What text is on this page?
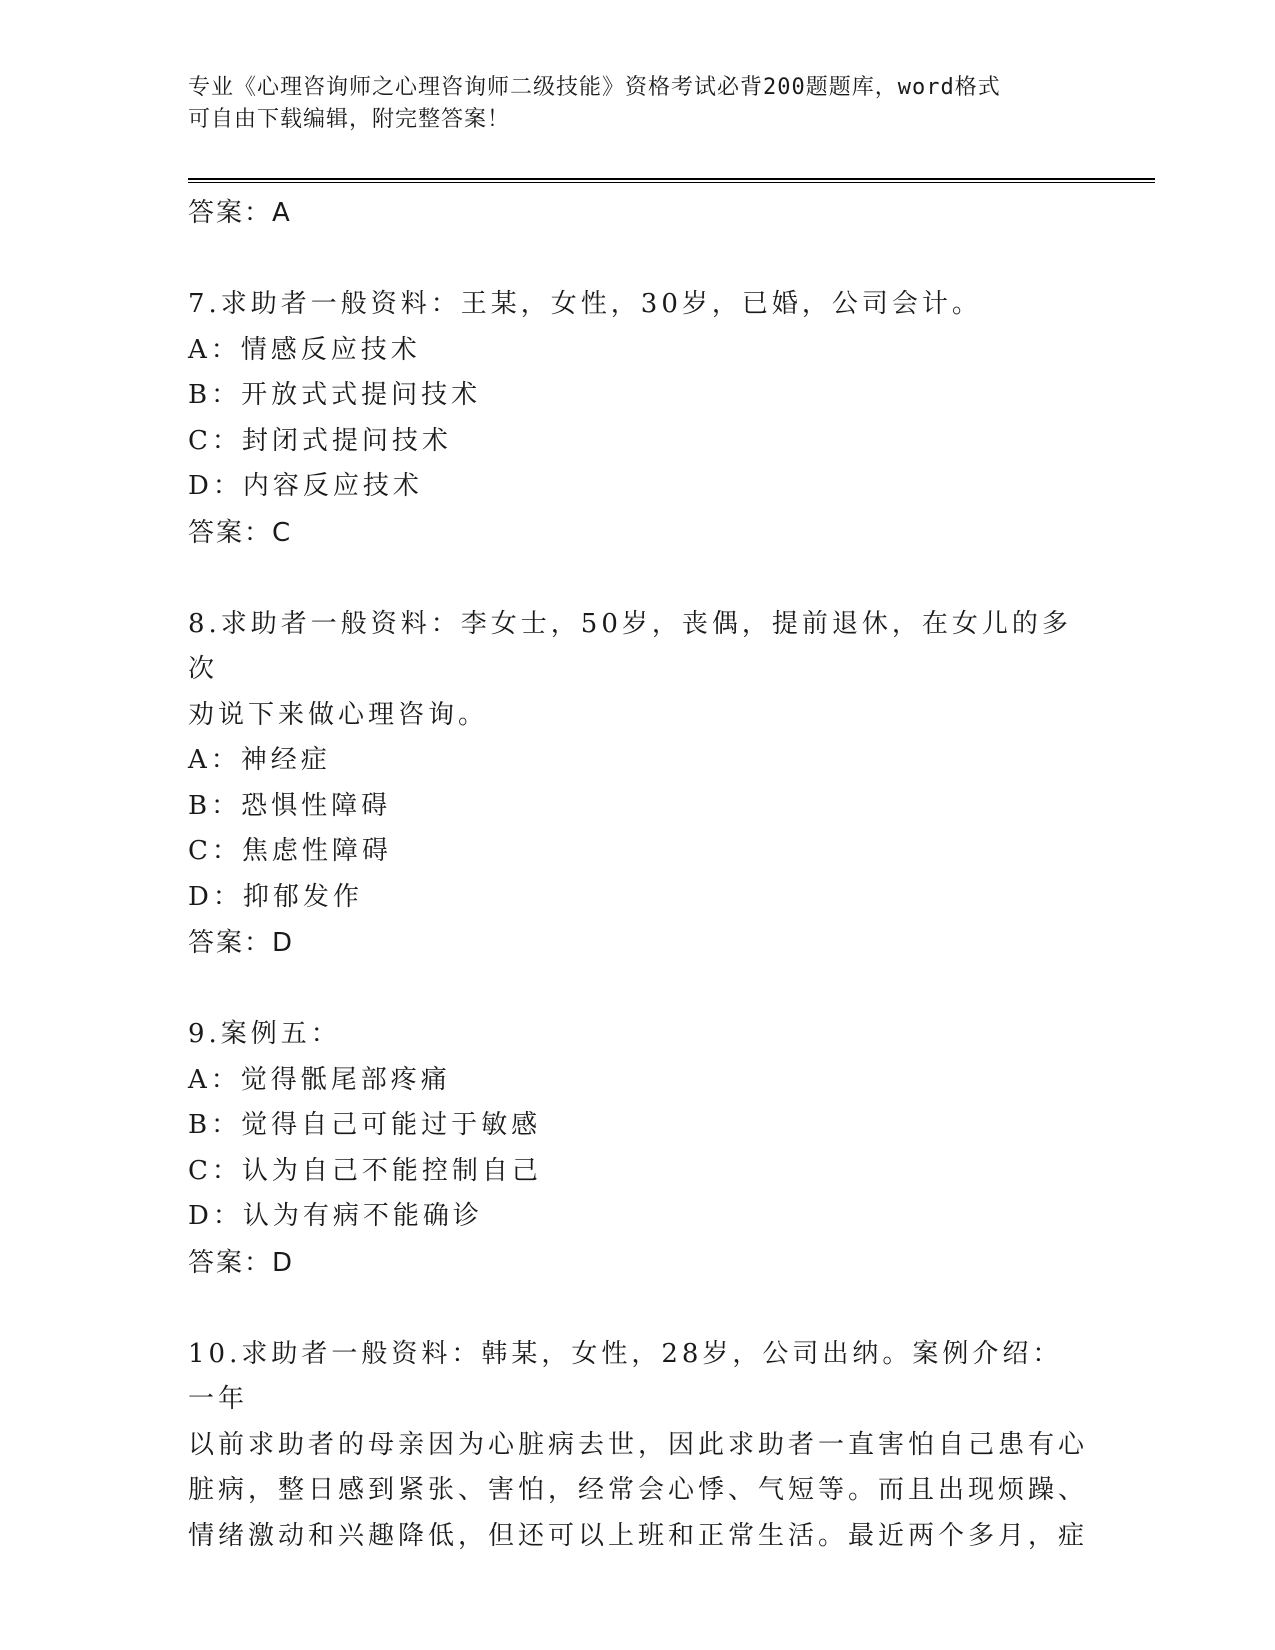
专业《心理咨询师之心理咨询师二级技能》资格考试必背200题题库，word格式
可自由下载编辑，附完整答案！
答案：A
7.求助者一般资料：王某，女性，30岁，已婚，公司会计。
A：情感反应技术
B：开放式式提问技术
C：封闭式提问技术
D：内容反应技术
答案：C
8.求助者一般资料：李女士，50岁，丧偶，提前退休，在女儿的多次
劝说下来做心理咨询。
A：神经症
B：恐惧性障碍
C：焦虑性障碍
D：抑郁发作
答案：D
9.案例五：
A：觉得骶尾部疼痛
B：觉得自己可能过于敏感
C：认为自己不能控制自己
D：认为有病不能确诊
答案：D
10.求助者一般资料：韩某，女性，28岁，公司出纳。案例介绍：一年
以前求助者的母亲因为心脏病去世，因此求助者一直害怕自己患有心
脏病，整日感到紧张、害怕，经常会心悸、气短等。而且出现烦躁、
情绪激动和兴趣降低，但还可以上班和正常生活。最近两个多月，症
